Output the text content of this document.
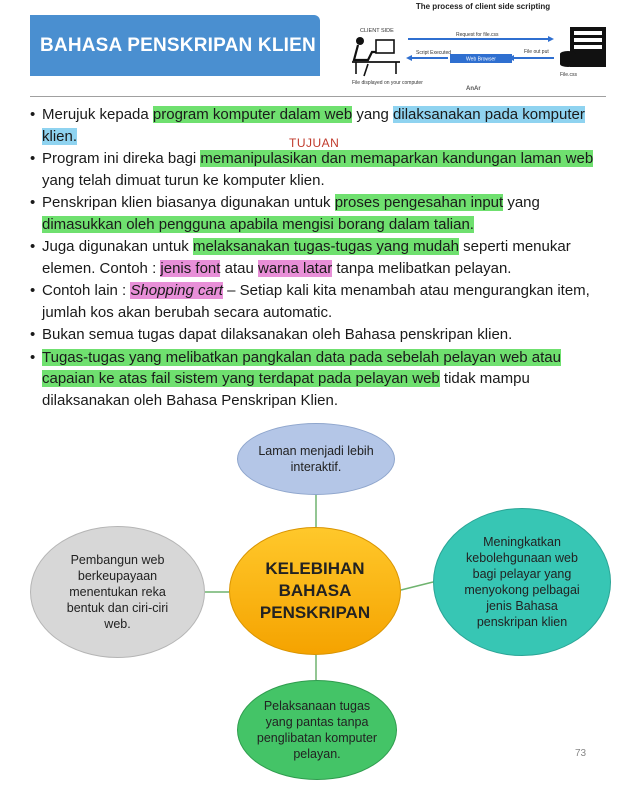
BAHASA PENSKRIPAN KLIEN
The process of client side scripting
CLIENT SIDE
File displayed on your computer
Request for file.css
Web Browser
Script Executed	File out put
File.css
AnAr
TUJUAN
• Merujuk kepada program komputer dalam web yang dilaksanakan pada komputer klien.
• Program ini direka bagi memanipulasikan dan memaparkan kandungan laman web yang telah dimuat turun ke komputer klien.
• Penskripan klien biasanya digunakan untuk proses pengesahan input yang dimasukkan oleh pengguna apabila mengisi borang dalam talian.
• Juga digunakan untuk melaksanakan tugas-tugas yang mudah seperti menukar elemen. Contoh : jenis font atau warna latar tanpa melibatkan pelayan.
• Contoh lain : Shopping cart – Setiap kali kita menambah atau mengurangkan item, jumlah kos akan berubah secara automatic.
• Bukan semua tugas dapat dilaksanakan oleh Bahasa penskripan klien.
• Tugas-tugas yang melibatkan pangkalan data pada sebelah pelayan web atau capaian ke atas fail sistem yang terdapat pada pelayan web tidak mampu dilaksanakan oleh Bahasa Penskripan Klien.
Laman menjadi lebih interaktif.
Pembangun web berkeupayaan menentukan reka bentuk dan ciri-ciri web.
KELEBIHAN BAHASA PENSKRIPAN
Meningkatkan kebolehgunaan web bagi pelayar yang menyokong pelbagai jenis Bahasa penskripan klien
Pelaksanaan tugas yang pantas tanpa penglibatan komputer pelayan.	73
